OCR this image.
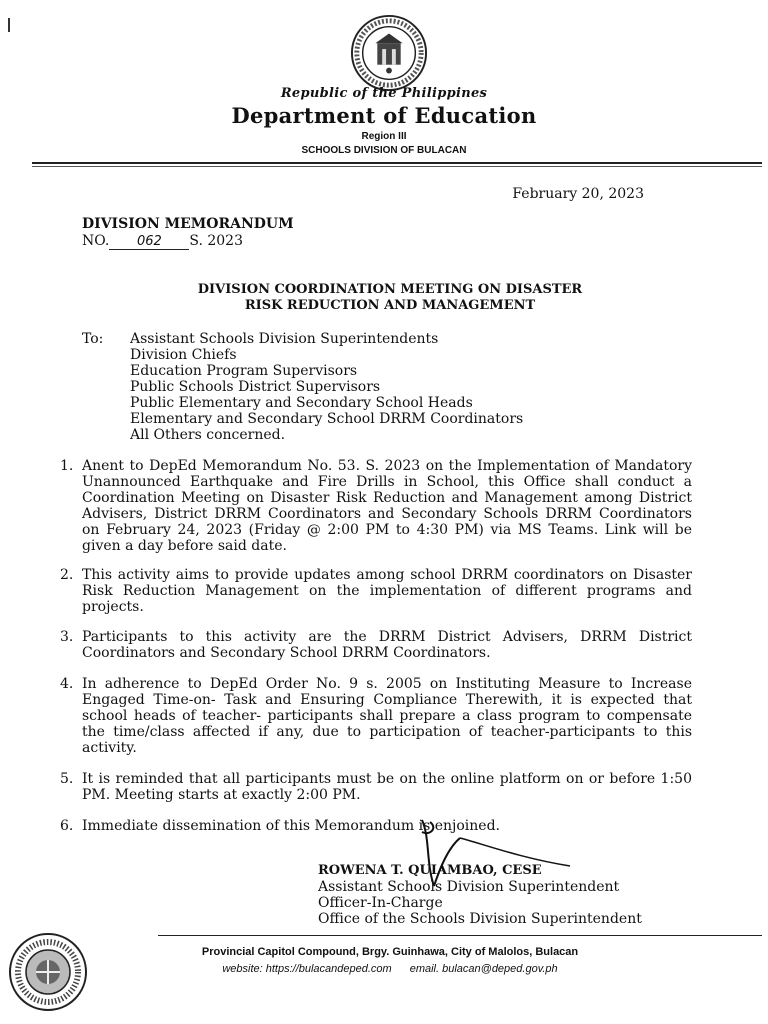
Republic of the Philippines
Department of Education
Region III
SCHOOLS DIVISION OF BULACAN
February 20, 2023
DIVISION MEMORANDUM
NO. 062 S. 2023
DIVISION COORDINATION MEETING ON DISASTER
RISK REDUCTION AND MANAGEMENT
To: Assistant Schools Division Superintendents
Division Chiefs
Education Program Supervisors
Public Schools District Supervisors
Public Elementary and Secondary School Heads
Elementary and Secondary School DRRM Coordinators
All Others concerned.
1. Anent to DepEd Memorandum No. 53. S. 2023 on the Implementation of Mandatory Unannounced Earthquake and Fire Drills in School, this Office shall conduct a Coordination Meeting on Disaster Risk Reduction and Management among District Advisers, District DRRM Coordinators and Secondary Schools DRRM Coordinators on February 24, 2023 (Friday @ 2:00 PM to 4:30 PM) via MS Teams. Link will be given a day before said date.
2. This activity aims to provide updates among school DRRM coordinators on Disaster Risk Reduction Management on the implementation of different programs and projects.
3. Participants to this activity are the DRRM District Advisers, DRRM District Coordinators and Secondary School DRRM Coordinators.
4. In adherence to DepEd Order No. 9 s. 2005 on Instituting Measure to Increase Engaged Time-on- Task and Ensuring Compliance Therewith, it is expected that school heads of teacher- participants shall prepare a class program to compensate the time/class affected if any, due to participation of teacher-participants to this activity.
5. It is reminded that all participants must be on the online platform on or before 1:50 PM. Meeting starts at exactly 2:00 PM.
6. Immediate dissemination of this Memorandum is enjoined.
ROWENA T. QUIAMBAO, CESE
Assistant Schools Division Superintendent
Officer-In-Charge
Office of the Schools Division Superintendent
Provincial Capitol Compound, Brgy. Guinhawa, City of Malolos, Bulacan
website: https://bulacandeped.com email. bulacan@deped.gov.ph
